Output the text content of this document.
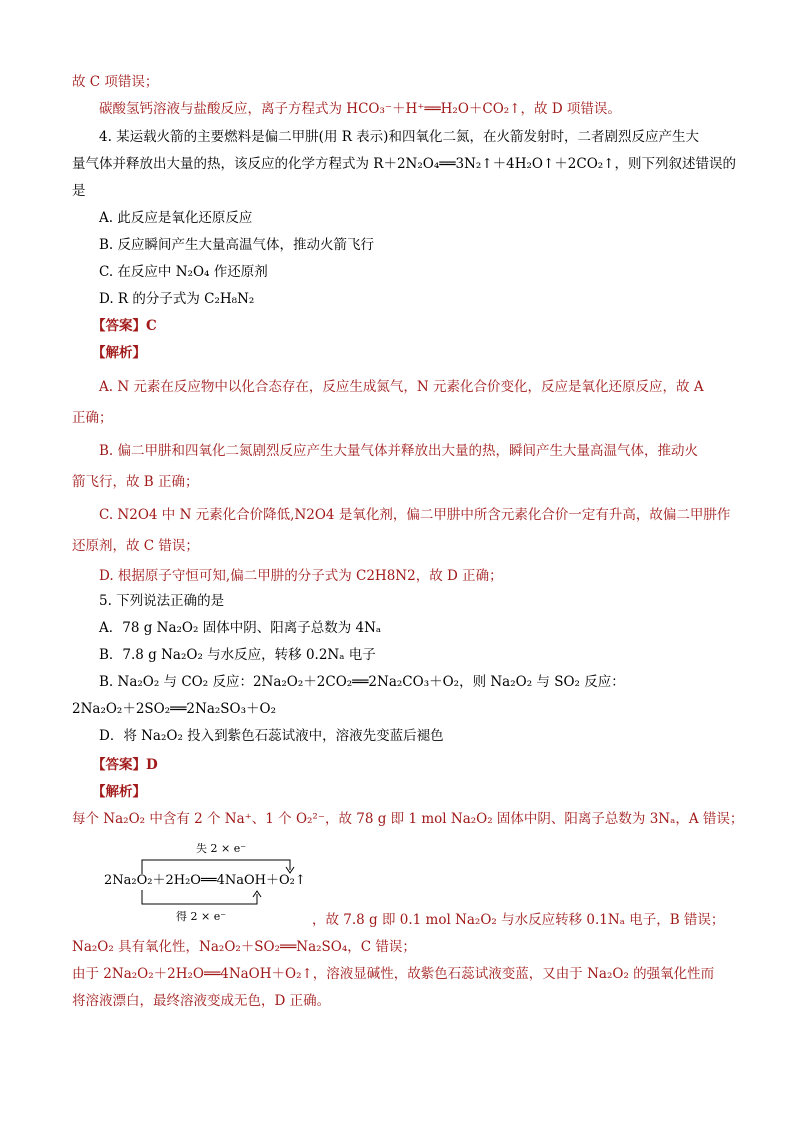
故 C 项错误；
碳酸氢钙溶液与盐酸反应，离子方程式为 HCO₃⁻＋H⁺══H₂O＋CO₂↑，故 D 项错误。
4. 某运载火箭的主要燃料是偏二甲肼(用 R 表示)和四氧化二氮，在火箭发射时，二者剧烈反应产生大
量气体并释放出大量的热，该反应的化学方程式为 R＋2N₂O₄══3N₂↑＋4H₂O↑＋2CO₂↑，则下列叙述错误的
是
A. 此反应是氧化还原反应
B. 反应瞬间产生大量高温气体，推动火箭飞行
C. 在反应中 N₂O₄ 作还原剂
D. R 的分子式为 C₂H₈N₂
【答案】C
【解析】
A. N 元素在反应物中以化合态存在，反应生成氮气，N 元素化合价变化，反应是氧化还原反应，故 A
正确；
B. 偏二甲肼和四氧化二氮剧烈反应产生大量气体并释放出大量的热，瞬间产生大量高温气体，推动火
箭飞行，故 B 正确；
C. N2O4 中 N 元素化合价降低,N2O4 是氧化剂，偏二甲肼中所含元素化合价一定有升高，故偏二甲肼作
还原剂，故 C 错误；
D. 根据原子守恒可知,偏二甲肼的分子式为 C2H8N2，故 D 正确；
5. 下列说法正确的是
A．78 g Na₂O₂ 固体中阴、阳离子总数为 4Nₐ
B．7.8 g Na₂O₂ 与水反应，转移 0.2Nₐ 电子
B. Na₂O₂ 与 CO₂ 反应：2Na₂O₂＋2CO₂══2Na₂CO₃＋O₂，则 Na₂O₂ 与 SO₂ 反应：
2Na₂O₂＋2SO₂══2Na₂SO₃＋O₂
D．将 Na₂O₂ 投入到紫色石蕊试液中，溶液先变蓝后褪色
【答案】D
【解析】
每个 Na₂O₂ 中含有 2 个 Na⁺、1 个 O₂²⁻，故 78 g 即 1 mol Na₂O₂ 固体中阴、阳离子总数为 3Nₐ，A 错误；
失 2 × e⁻
2Na₂O₂＋2H₂O══4NaOH＋O₂↑
得 2 × e⁻	，故 7.8 g 即 0.1 mol Na₂O₂ 与水反应转移 0.1Nₐ 电子，B 错误；
Na₂O₂ 具有氧化性，Na₂O₂＋SO₂══Na₂SO₄，C 错误；
由于 2Na₂O₂＋2H₂O══4NaOH＋O₂↑，溶液显碱性，故紫色石蕊试液变蓝，又由于 Na₂O₂ 的强氧化性而
将溶液漂白，最终溶液变成无色，D 正确。
